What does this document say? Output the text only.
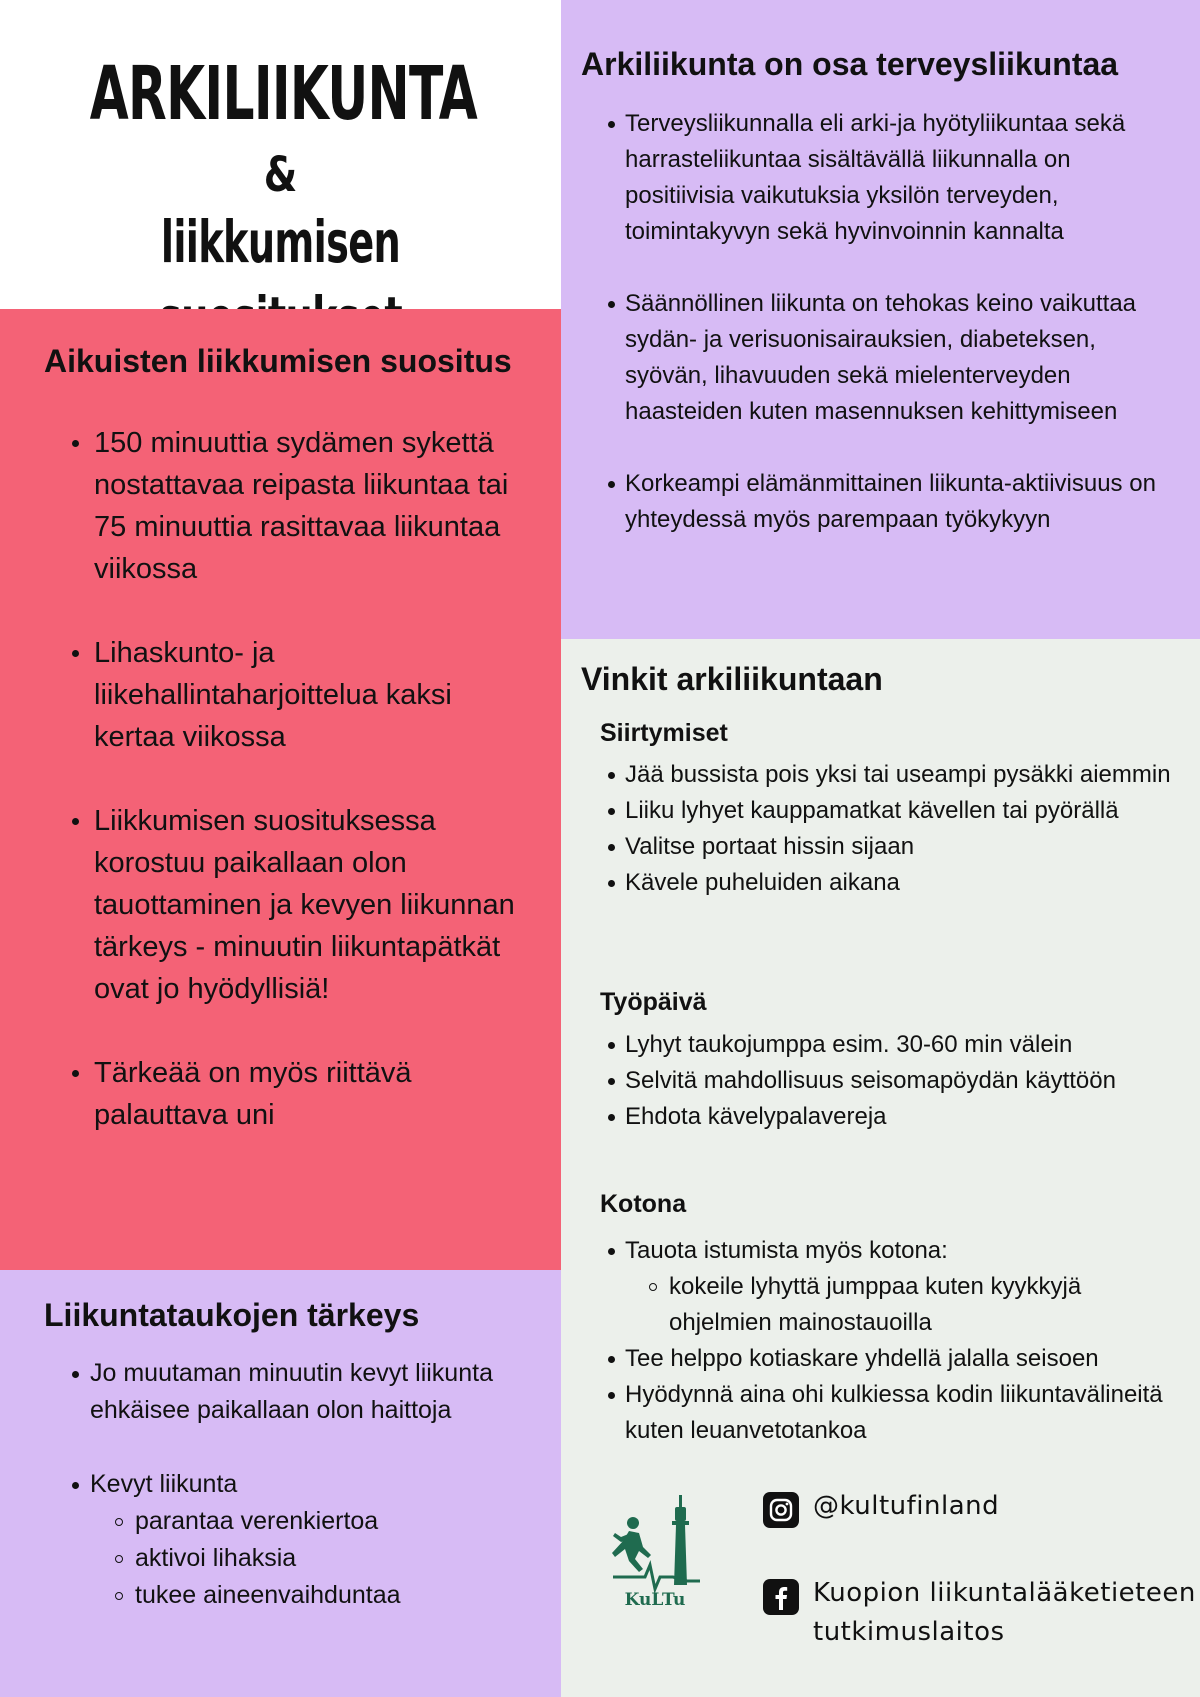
ARKILIIKUNTA
&
liikkumisen
Aikuisten liikkumisen suositus
150 minuuttia sydämen sykettä nostattavaa reipasta liikuntaa tai 75 minuuttia rasittavaa liikuntaa viikossa
Lihaskunto- ja liikehallintaharjoittelua kaksi kertaa viikossa
Liikkumisen suosituksessa korostuu paikallaan olon tauottaminen ja kevyen liikunnan tärkeys - minuutin liikuntapätkät ovat jo hyödyllisiä!
Tärkeää on myös riittävä palauttava uni
Liikuntataukojen tärkeys
Jo muutaman minuutin kevyt liikunta ehkäisee paikallaan olon haittoja
Kevyt liikunta
parantaa verenkiertoa
aktivoi lihaksia
tukee aineenvaihduntaa
Arkiliikunta on osa terveysliikuntaa
Terveysliikunnalla eli arki-ja hyötyliikuntaa sekä harrasteliikuntaa sisältävällä liikunnalla on positiivisia vaikutuksia yksilön terveyden, toimintakyvyn sekä hyvinvoinnin kannalta
Säännöllinen liikunta on tehokas keino vaikuttaa sydän- ja verisuonisairauksien, diabeteksen, syövän, lihavuuden sekä mielenterveyden haasteiden kuten masennuksen kehittymiseen
Korkeampi elämänmittainen liikunta-aktiivisuus on yhteydessä myös parempaan työkykyyn
Vinkit arkiliikuntaan
Siirtymiset
Jää bussista pois yksi tai useampi pysäkki aiemmin
Liiku lyhyet kauppamatkat kävellen tai pyörällä
Valitse portaat hissin sijaan
Kävele puheluiden aikana
Työpäivä
Lyhyt taukojumppa esim. 30-60 min välein
Selvitä mahdollisuus seisomapöydän käyttöön
Ehdota kävelypalavereja
Kotona
Tauota istumista myös kotona:
kokeile lyhyttä jumppaa kuten kyykkyjä ohjelmien mainostauoilla
Tee helppo kotiaskare yhdellä jalalla seisoen
Hyödynnä aina ohi kulkiessa kodin liikuntavälineitä kuten leuanvetotankoa
KuLTu
@kultufinland
Kuopion liikuntalääketieteen
tutkimuslaitos
